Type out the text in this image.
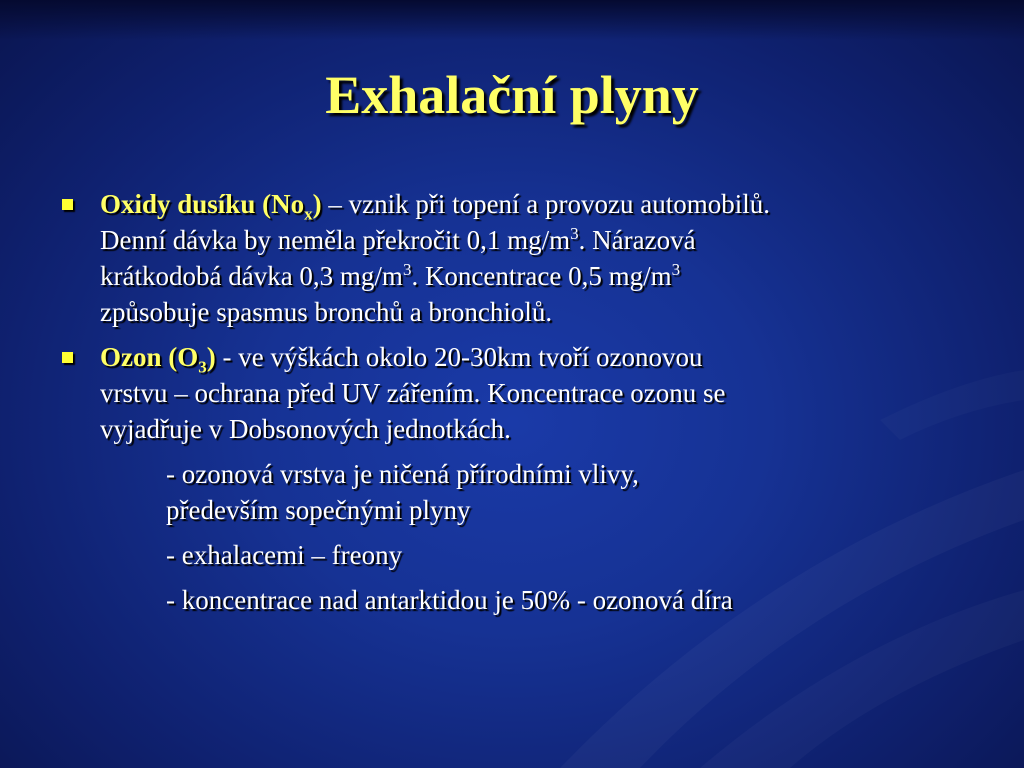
Exhalační plyny
Oxidy dusíku $(No_x)$ – vznik při topení a provozu automobilů.
Denní dávka by neměla překročit 0,1 $mg/m^3$. Nárazová
krátkodobá dávka 0,3 $mg/m^3$. Koncentrace 0,5 $mg/m^3$
způsobuje spasmus bronchů a bronchiolů.
Ozon $(O_3)$ - ve výškách okolo 20-30km tvoří ozonovou
vrstvu – ochrana před UV zářením. Koncentrace ozonu se
vyjadřuje v Dobsonových jednotkách.
- ozonová vrstva je ničená přírodními vlivy,
především sopečnými plyny
- exhalacemi – freony
- koncentrace nad antarktidou je 50% - ozonová díra
